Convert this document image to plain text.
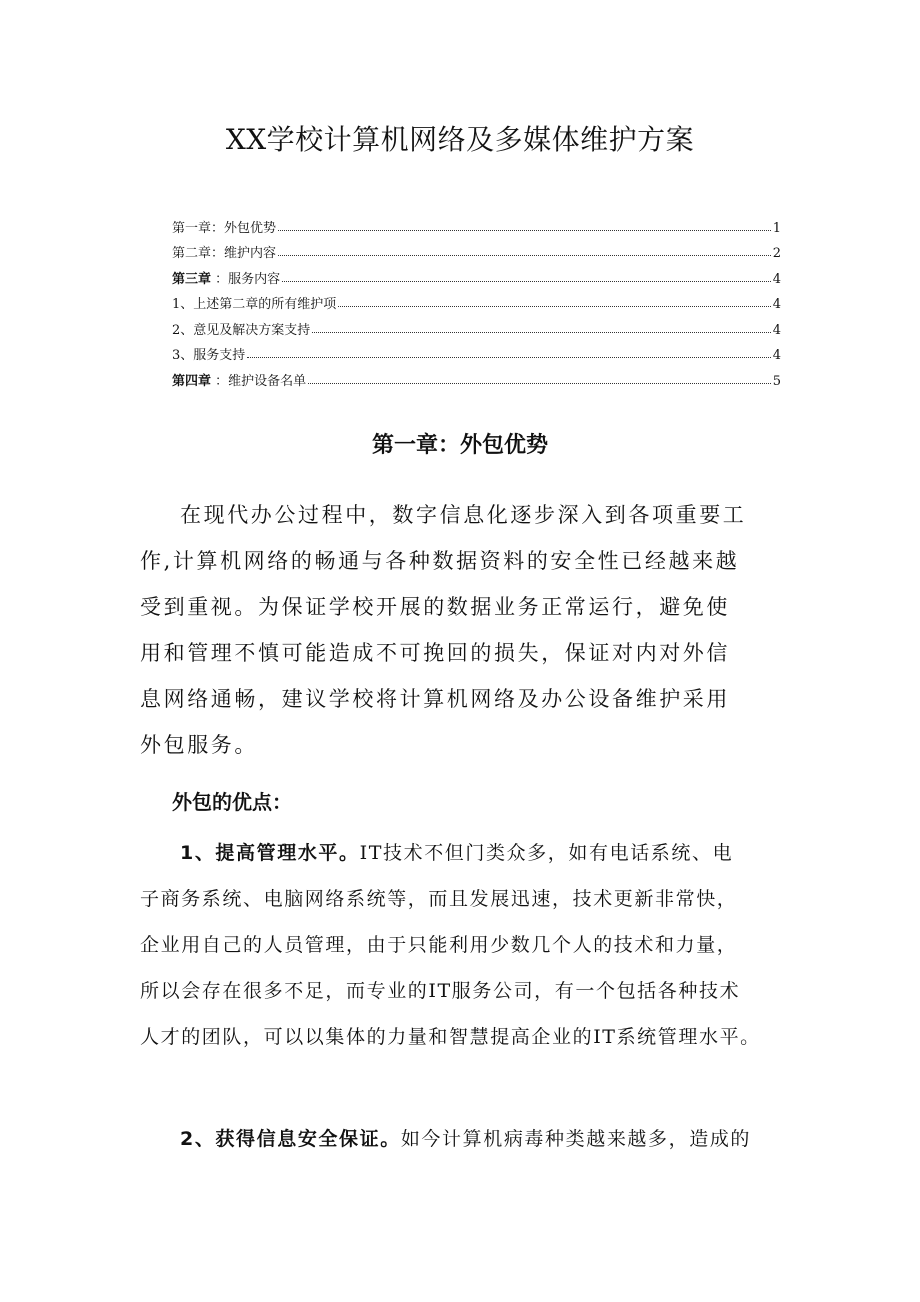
XX学校计算机网络及多媒体维护方案
第一章：外包优势	1
第二章：维护内容	2
第三章 ：服务内容	4
1、上述第二章的所有维护项	4
2、意见及解决方案支持	4
3、服务支持	4
第四章 ：维护设备名单	5
第一章：外包优势
在现代办公过程中，数字信息化逐步深入到各项重要工
作,计算机网络的畅通与各种数据资料的安全性已经越来越
受到重视。为保证学校开展的数据业务正常运行，避免使
用和管理不慎可能造成不可挽回的损失，保证对内对外信
息网络通畅，建议学校将计算机网络及办公设备维护采用
外包服务。
外包的优点：
1、提高管理水平。IT技术不但门类众多，如有电话系统、电
子商务系统、电脑网络系统等，而且发展迅速，技术更新非常快，
企业用自己的人员管理，由于只能利用少数几个人的技术和力量，
所以会存在很多不足，而专业的IT服务公司，有一个包括各种技术
人才的团队，可以以集体的力量和智慧提高企业的IT系统管理水平。
2、获得信息安全保证。如今计算机病毒种类越来越多，造成的
